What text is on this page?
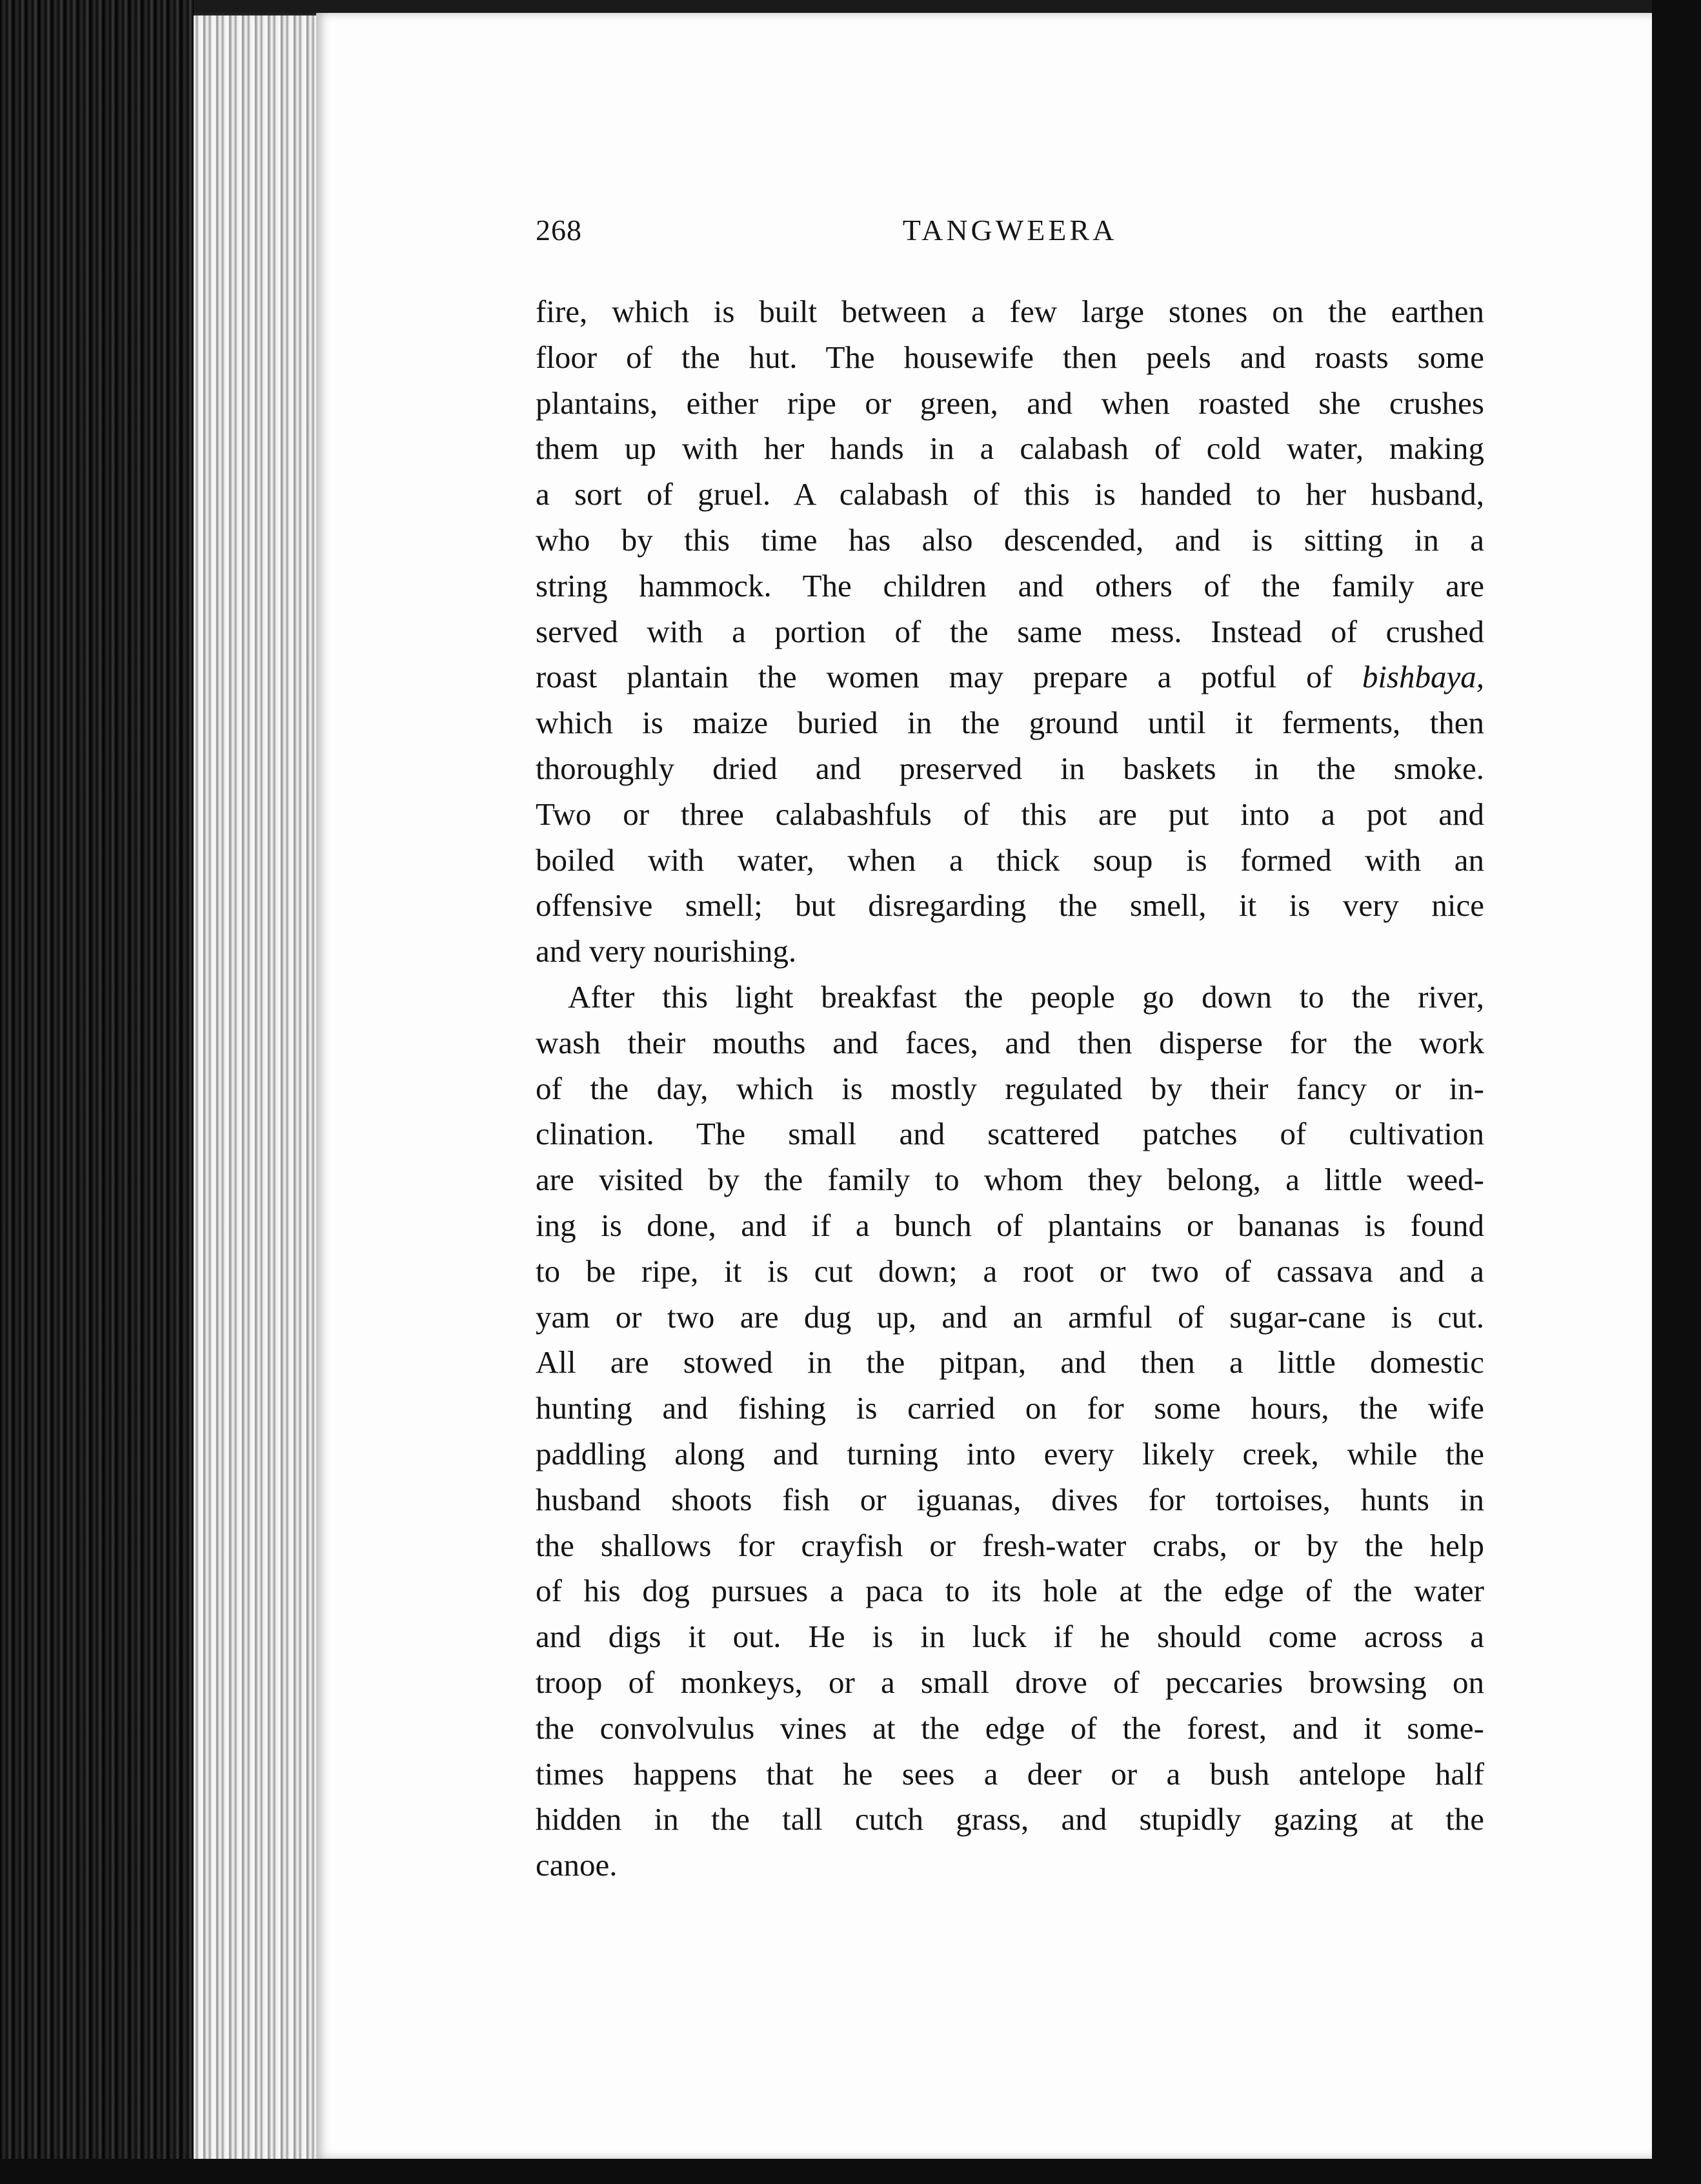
268	TANGWEERA
fire, which is built between a few large stones on the earthen
floor of the hut. The housewife then peels and roasts some
plantains, either ripe or green, and when roasted she crushes
them up with her hands in a calabash of cold water, making
a sort of gruel. A calabash of this is handed to her husband,
who by this time has also descended, and is sitting in a
string hammock. The children and others of the family are
served with a portion of the same mess. Instead of crushed
roast plantain the women may prepare a potful of bishbaya,
which is maize buried in the ground until it ferments, then
thoroughly dried and preserved in baskets in the smoke.
Two or three calabashfuls of this are put into a pot and
boiled with water, when a thick soup is formed with an
offensive smell; but disregarding the smell, it is very nice
and very nourishing.
After this light breakfast the people go down to the river,
wash their mouths and faces, and then disperse for the work
of the day, which is mostly regulated by their fancy or in-
clination. The small and scattered patches of cultivation
are visited by the family to whom they belong, a little weed-
ing is done, and if a bunch of plantains or bananas is found
to be ripe, it is cut down; a root or two of cassava and a
yam or two are dug up, and an armful of sugar-cane is cut.
All are stowed in the pitpan, and then a little domestic
hunting and fishing is carried on for some hours, the wife
paddling along and turning into every likely creek, while the
husband shoots fish or iguanas, dives for tortoises, hunts in
the shallows for crayfish or fresh-water crabs, or by the help
of his dog pursues a paca to its hole at the edge of the water
and digs it out. He is in luck if he should come across a
troop of monkeys, or a small drove of peccaries browsing on
the convolvulus vines at the edge of the forest, and it some-
times happens that he sees a deer or a bush antelope half
hidden in the tall cutch grass, and stupidly gazing at the
canoe.
